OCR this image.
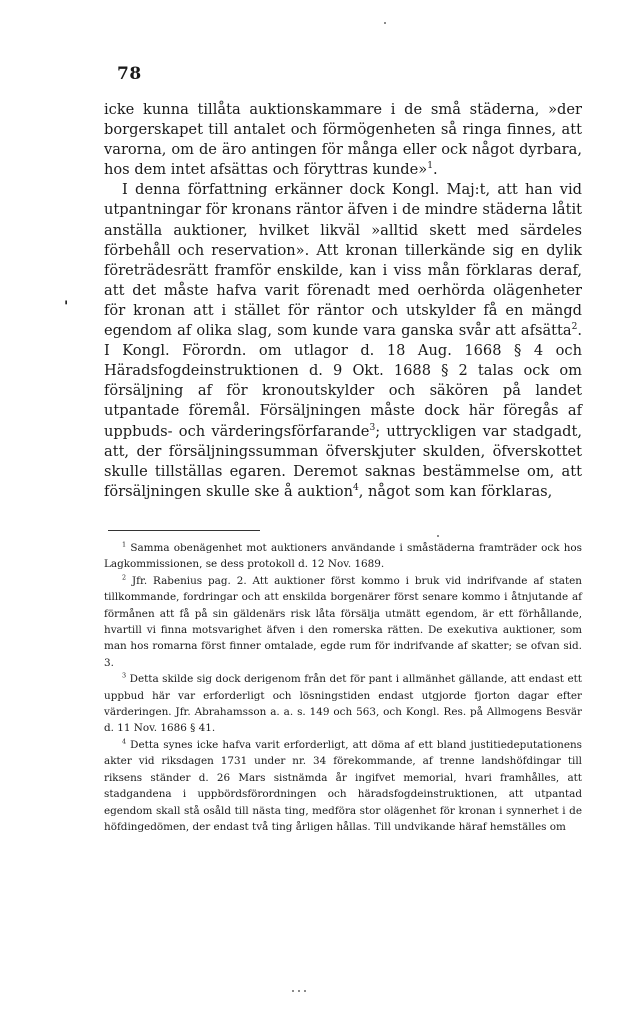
78
'

icke kunna tillåta auktionskammare i de små städerna, »der borgerskapet till antalet och förmögenheten så ringa finnes, att varorna, om de äro antingen för många eller ock något dyrbara, hos dem intet afsättas och föryttras kunde»$^1$.

I denna författning erkänner dock Kongl. Maj:t, att han vid utpantningar för kronans räntor äfven i de mindre städerna låtit anställa auktioner, hvilket likväl »alltid skett med särdeles förbehåll och reservation». Att kronan tillerkände sig en dylik företrädesrätt framför enskilde, kan i viss mån förklaras deraf, att det måste hafva varit förenadt med oerhörda olägenheter för kronan att i stället för räntor och utskylder få en mängd egendom af olika slag, som kunde vara ganska svår att afsätta$^2$. I Kongl. Förordn. om utlagor d. 18 Aug. 1668 § 4 och Häradsfogdeinstruktionen d. 9 Okt. 1688 § 2 talas ock om försäljning af för kronoutskylder och säkören på landet utpantade föremål. Försäljningen måste dock här föregås af uppbuds- och värderingsförfarande$^3$; uttryckligen var stadgadt, att, der försäljningssumman öfverskjuter skulden, öfverskottet skulle tillställas egaren. Deremot saknas bestämmelse om, att försäljningen skulle ske å auktion$^4$, något som kan förklaras,

$^1$ Samma obenägenhet mot auktioners användande i småstäderna framträder ock hos Lagkommissionen, se dess protokoll d. 12 Nov. 1689.

$^2$ Jfr. Rabenius pag. 2. Att auktioner först kommo i bruk vid indrifvande af staten tillkommande, fordringar och att enskilda borgenärer först senare kommo i åtnjutande af förmånen att få på sin gäldenärs risk låta försälja utmätt egendom, är ett förhållande, hvartill vi finna motsvarighet äfven i den romerska rätten. De exekutiva auktioner, som man hos romarna först finner omtalade, egde rum för indrifvande af skatter; se ofvan sid. 3.

$^3$ Detta skilde sig dock derigenom från det för pant i allmänhet gällande, att endast ett uppbud här var erforderligt och lösningstiden endast utgjorde fjorton dagar efter värderingen. Jfr. Abrahamsson a. a. s. 149 och 563, och Kongl. Res. på Allmogens Besvär d. 11 Nov. 1686 § 41.

$^4$ Detta synes icke hafva varit erforderligt, att döma af ett bland justitiedeputationens akter vid riksdagen 1731 under nr. 34 förekommande, af trenne landshöfdingar till riksens ständer d. 26 Mars sistnämda år ingifvet memorial, hvari framhålles, att stadgandena i uppbördsförordningen och häradsfogdeinstruktionen, att utpantad egendom skall stå osåld till nästa ting, medföra stor olägenhet för kronan i synnerhet i de höfdingedömen, der endast två ting årligen hållas. Till undvikande häraf hemställes om
